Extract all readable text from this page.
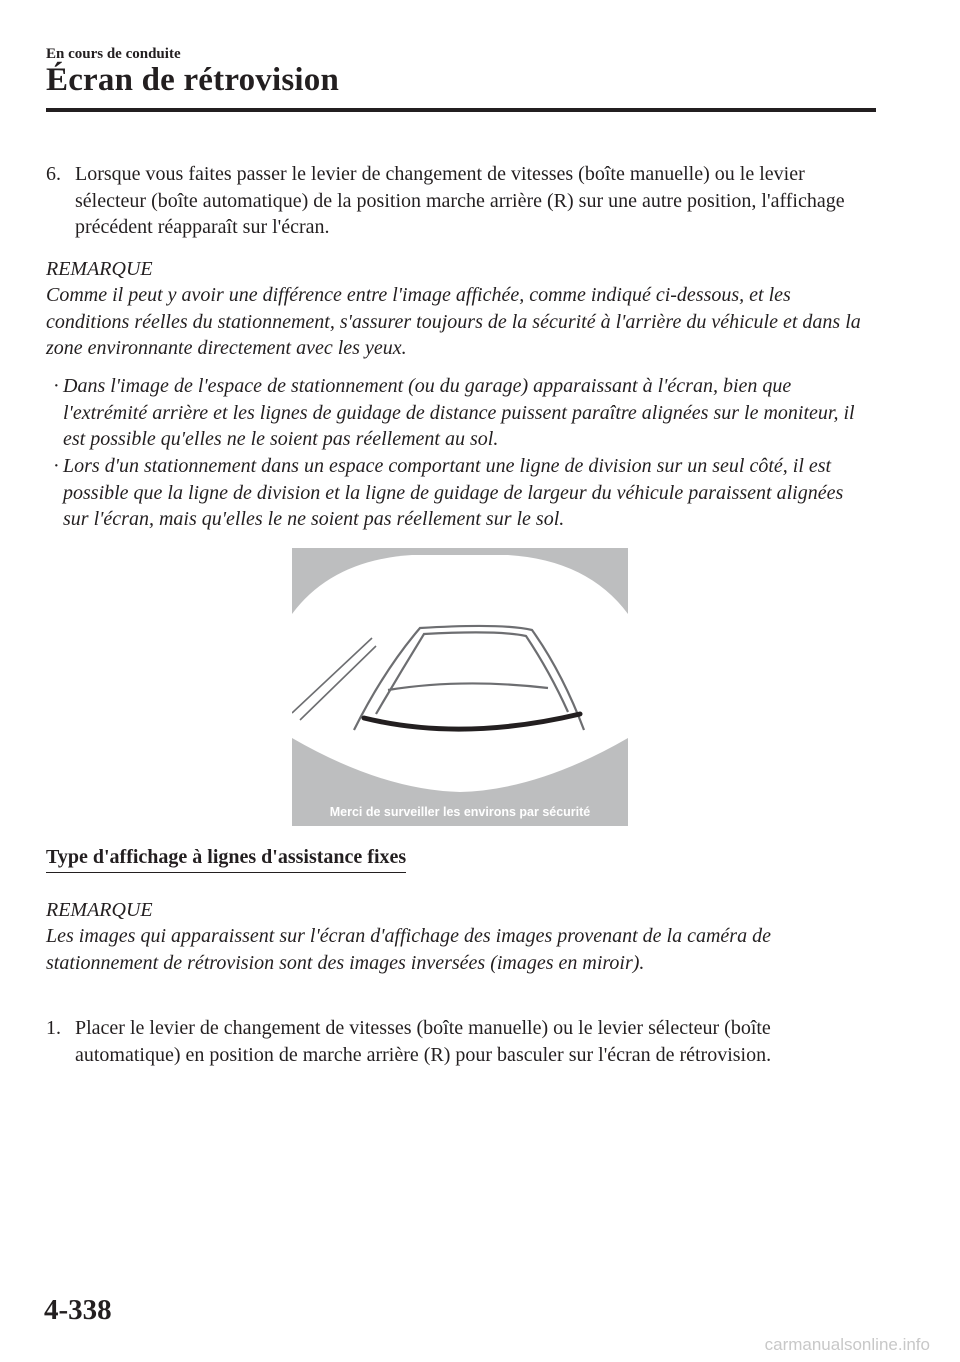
En cours de conduite
Écran de rétrovision
6. Lorsque vous faites passer le levier de changement de vitesses (boîte manuelle) ou le levier sélecteur (boîte automatique) de la position marche arrière (R) sur une autre position, l'affichage précédent réapparaît sur l'écran.
REMARQUE
Comme il peut y avoir une différence entre l'image affichée, comme indiqué ci-dessous, et les conditions réelles du stationnement, s'assurer toujours de la sécurité à l'arrière du véhicule et dans la zone environnante directement avec les yeux.
· Dans l'image de l'espace de stationnement (ou du garage) apparaissant à l'écran, bien que l'extrémité arrière et les lignes de guidage de distance puissent paraître alignées sur le moniteur, il est possible qu'elles ne le soient pas réellement au sol.
· Lors d'un stationnement dans un espace comportant une ligne de division sur un seul côté, il est possible que la ligne de division et la ligne de guidage de largeur du véhicule paraissent alignées sur l'écran, mais qu'elles le ne soient pas réellement sur le sol.
Merci de surveiller les environs par sécurité
Type d'affichage à lignes d'assistance fixes
REMARQUE
Les images qui apparaissent sur l'écran d'affichage des images provenant de la caméra de stationnement de rétrovision sont des images inversées (images en miroir).
1. Placer le levier de changement de vitesses (boîte manuelle) ou le levier sélecteur (boîte automatique) en position de marche arrière (R) pour basculer sur l'écran de rétrovision.
4-338
carmanualsonline.info
